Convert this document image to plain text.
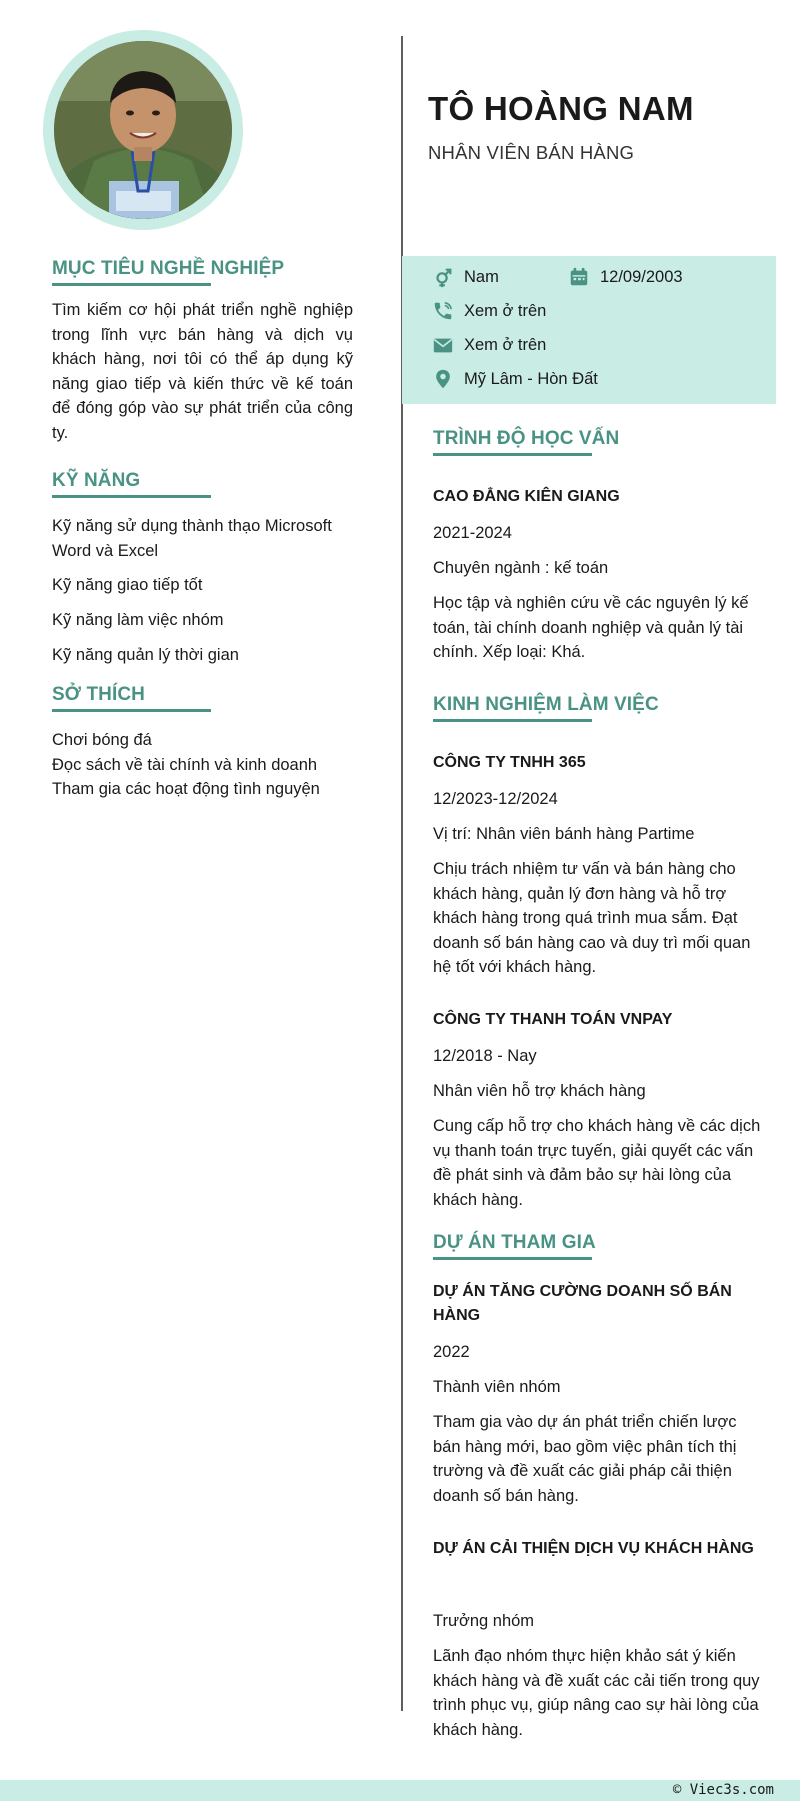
MỤC TIÊU NGHỀ NGHIỆP
Tìm kiếm cơ hội phát triển nghề nghiệp trong lĩnh vực bán hàng và dịch vụ khách hàng, nơi tôi có thể áp dụng kỹ năng giao tiếp và kiến thức về kế toán để đóng góp vào sự phát triển của công ty.
KỸ NĂNG
Kỹ năng sử dụng thành thạo Microsoft Word và Excel
Kỹ năng giao tiếp tốt
Kỹ năng làm việc nhóm
Kỹ năng quản lý thời gian
SỞ THÍCH
Chơi bóng đá
Đọc sách về tài chính và kinh doanh
Tham gia các hoạt động tình nguyện
TÔ HOÀNG NAM
NHÂN VIÊN BÁN HÀNG
Nam	12/09/2003
Xem ở trên
Xem ở trên
Mỹ Lâm - Hòn Đất
TRÌNH ĐỘ HỌC VẤN
CAO ĐẲNG KIÊN GIANG
2021-2024
Chuyên ngành : kế toán
Học tập và nghiên cứu về các nguyên lý kế toán, tài chính doanh nghiệp và quản lý tài chính. Xếp loại: Khá.
KINH NGHIỆM LÀM VIỆC
CÔNG TY TNHH 365
12/2023-12/2024
Vị trí: Nhân viên bánh hàng Partime
Chịu trách nhiệm tư vấn và bán hàng cho khách hàng, quản lý đơn hàng và hỗ trợ khách hàng trong quá trình mua sắm. Đạt doanh số bán hàng cao và duy trì mối quan hệ tốt với khách hàng.
CÔNG TY THANH TOÁN VNPAY
12/2018 - Nay
Nhân viên hỗ trợ khách hàng
Cung cấp hỗ trợ cho khách hàng về các dịch vụ thanh toán trực tuyến, giải quyết các vấn đề phát sinh và đảm bảo sự hài lòng của khách hàng.
DỰ ÁN THAM GIA
DỰ ÁN TĂNG CƯỜNG DOANH SỐ BÁN HÀNG
2022
Thành viên nhóm
Tham gia vào dự án phát triển chiến lược bán hàng mới, bao gồm việc phân tích thị trường và đề xuất các giải pháp cải thiện doanh số bán hàng.
DỰ ÁN CẢI THIỆN DỊCH VỤ KHÁCH HÀNG
Trưởng nhóm
Lãnh đạo nhóm thực hiện khảo sát ý kiến khách hàng và đề xuất các cải tiến trong quy trình phục vụ, giúp nâng cao sự hài lòng của khách hàng.
© Viec3s.com
